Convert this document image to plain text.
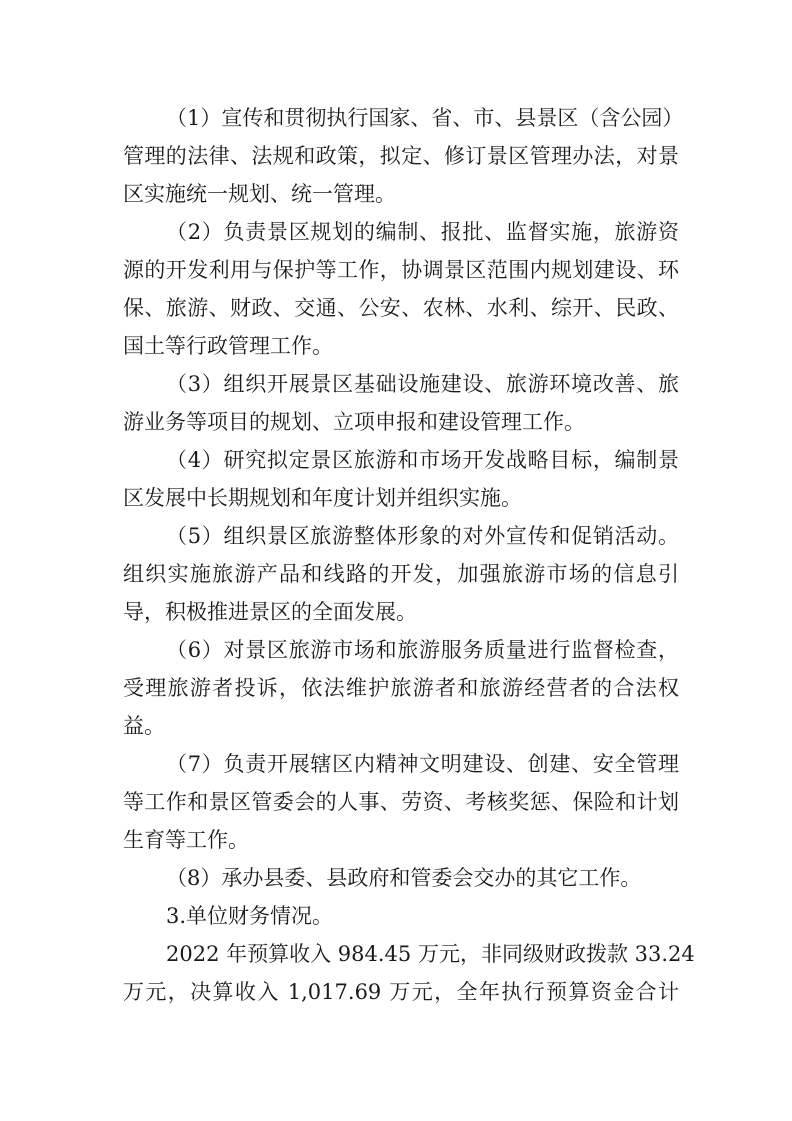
（1）宣传和贯彻执行国家、省、市、县景区（含公园）
管理的法律、法规和政策，拟定、修订景区管理办法，对景
区实施统一规划、统一管理。
（2）负责景区规划的编制、报批、监督实施，旅游资
源的开发利用与保护等工作，协调景区范围内规划建设、环
保、旅游、财政、交通、公安、农林、水利、综开、民政、
国土等行政管理工作。
（3）组织开展景区基础设施建设、旅游环境改善、旅
游业务等项目的规划、立项申报和建设管理工作。
（4）研究拟定景区旅游和市场开发战略目标，编制景
区发展中长期规划和年度计划并组织实施。
（5）组织景区旅游整体形象的对外宣传和促销活动。
组织实施旅游产品和线路的开发，加强旅游市场的信息引
导，积极推进景区的全面发展。
（6）对景区旅游市场和旅游服务质量进行监督检查，
受理旅游者投诉，依法维护旅游者和旅游经营者的合法权
益。
（7）负责开展辖区内精神文明建设、创建、安全管理
等工作和景区管委会的人事、劳资、考核奖惩、保险和计划
生育等工作。
（8）承办县委、县政府和管委会交办的其它工作。
3.单位财务情况。
2022 年预算收入 984.45 万元，非同级财政拨款 33.24
万元，决算收入 1,017.69 万元，全年执行预算资金合计
